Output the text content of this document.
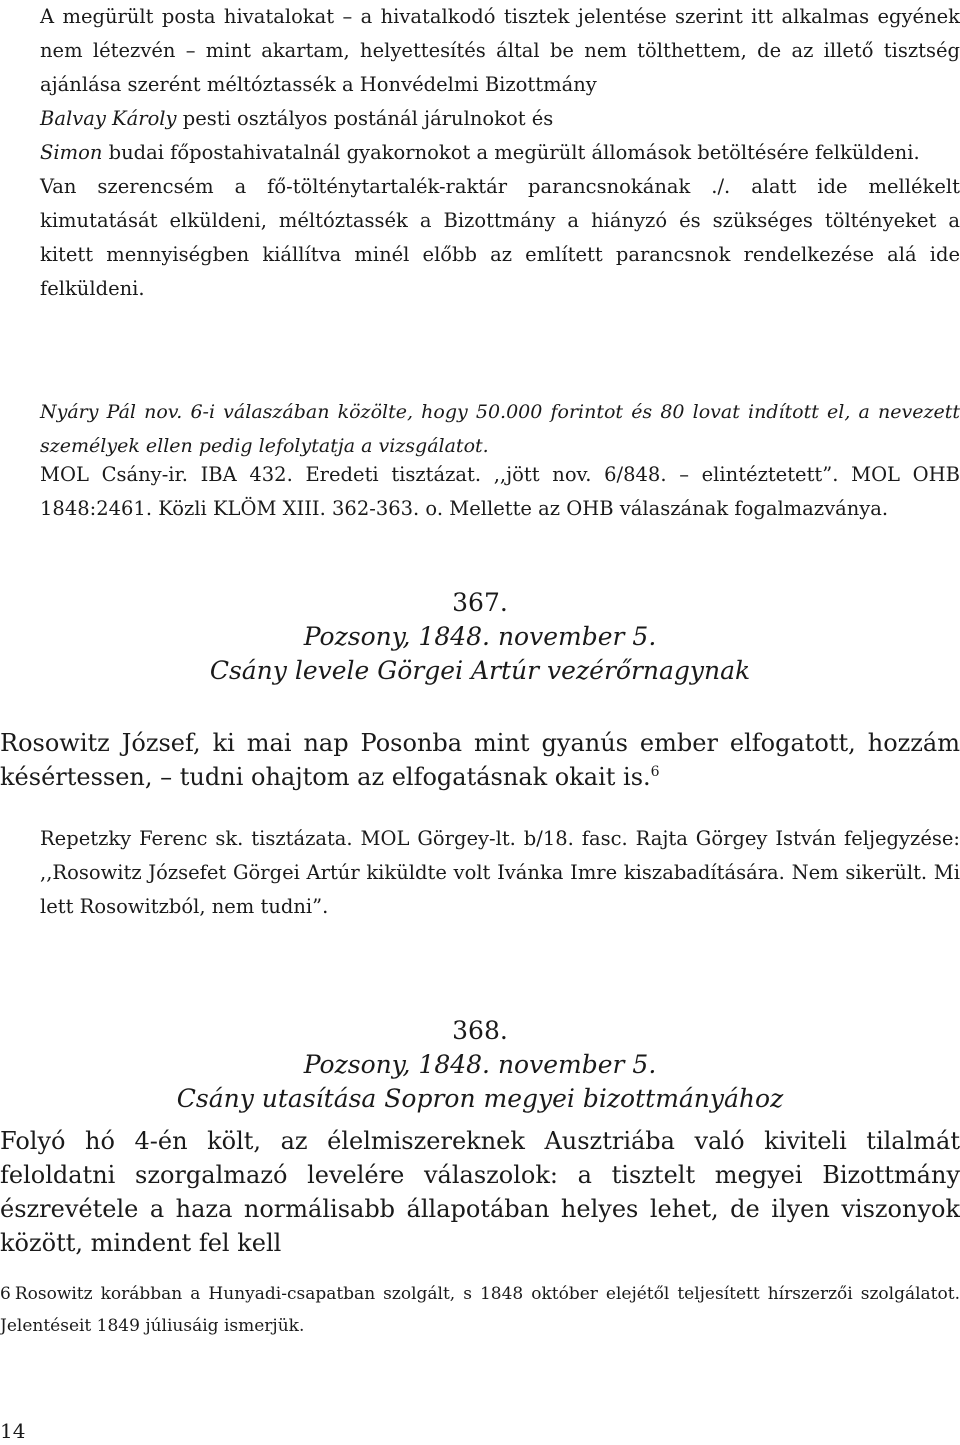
A megürült posta hivatalokat – a hivatalkodó tisztek jelentése szerint itt alkalmas egyének nem létezvén – mint akartam, helyettesítés által be nem tölthettem, de az illető tisztség ajánlása szerént méltóztassék a Honvédelmi Bizottmány
Balvay Károly pesti osztályos postánál járulnokot és
Simon budai főpostahivatalnál gyakornokot a megürült állomások betöltésére felküldeni.

Van szerencsém a fő-tölténytartalék-raktár parancsnokának ./. alatt ide mellékelt kimutatását elküldeni, méltóztassék a Bizottmány a hiányzó és szükséges töltényeket a kitett mennyiségben kiállítva minél előbb az említett parancsnok rendelkezése alá ide felküldeni.

Nyáry Pál nov. 6-i válaszában közölte, hogy 50.000 forintot és 80 lovat indított el, a nevezett személyek ellen pedig lefolytatja a vizsgálatot.
MOL Csány-ir. IBA 432. Eredeti tisztázat. ,,jött nov. 6/848. – elintéztetett”. MOL OHB 1848:2461. Közli KLÖM XIII. 362-363. o. Mellette az OHB válaszának fogalmazványa.
367.
Pozsony, 1848. november 5.
Csány levele Görgei Artúr vezérőrnagynak
Rosowitz József, ki mai nap Posonba mint gyanús ember elfogatott, hozzám késértessen, – tudni ohajtom az elfogatásnak okait is.$^6$
Repetzky Ferenc sk. tisztázata. MOL Görgey-lt. b/18. fasc. Rajta Görgey István feljegyzése: ,,Rosowitz Józsefet Görgei Artúr kiküldte volt Ivánka Imre kiszabadítására. Nem sikerült. Mi lett Rosowitzból, nem tudni”.
368.
Pozsony, 1848. november 5.
Csány utasítása Sopron megyei bizottmányához
Folyó hó 4-én költ, az élelmiszereknek Ausztriába való kiviteli tilalmát feloldatni szorgalmazó levelére válaszolok: a tisztelt megyei Bizottmány észrevétele a haza normálisabb állapotában helyes lehet, de ilyen viszonyok között, mindent fel kell
6 Rosowitz korábban a Hunyadi-csapatban szolgált, s 1848 október elejétől teljesített hírszerzői szolgálatot. Jelentéseit 1849 júliusáig ismerjük.
14
